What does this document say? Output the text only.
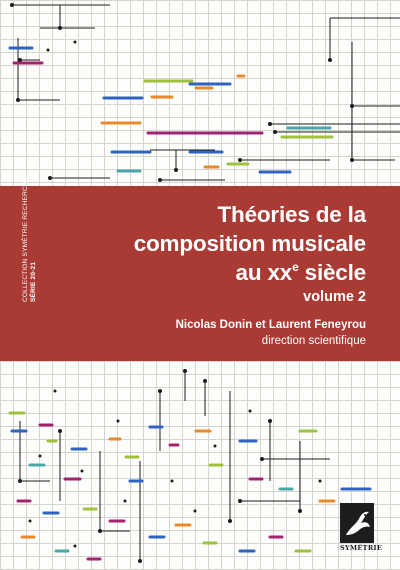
Théories de la
composition musicale
au $xx^e$ siècle
volume 2
Nicolas Donin et Laurent Feneyrou
direction scientifique
COLLECTION SYMÉTRIE RECHERCHE SÉRIE 20-21
SYMÉTRIE
